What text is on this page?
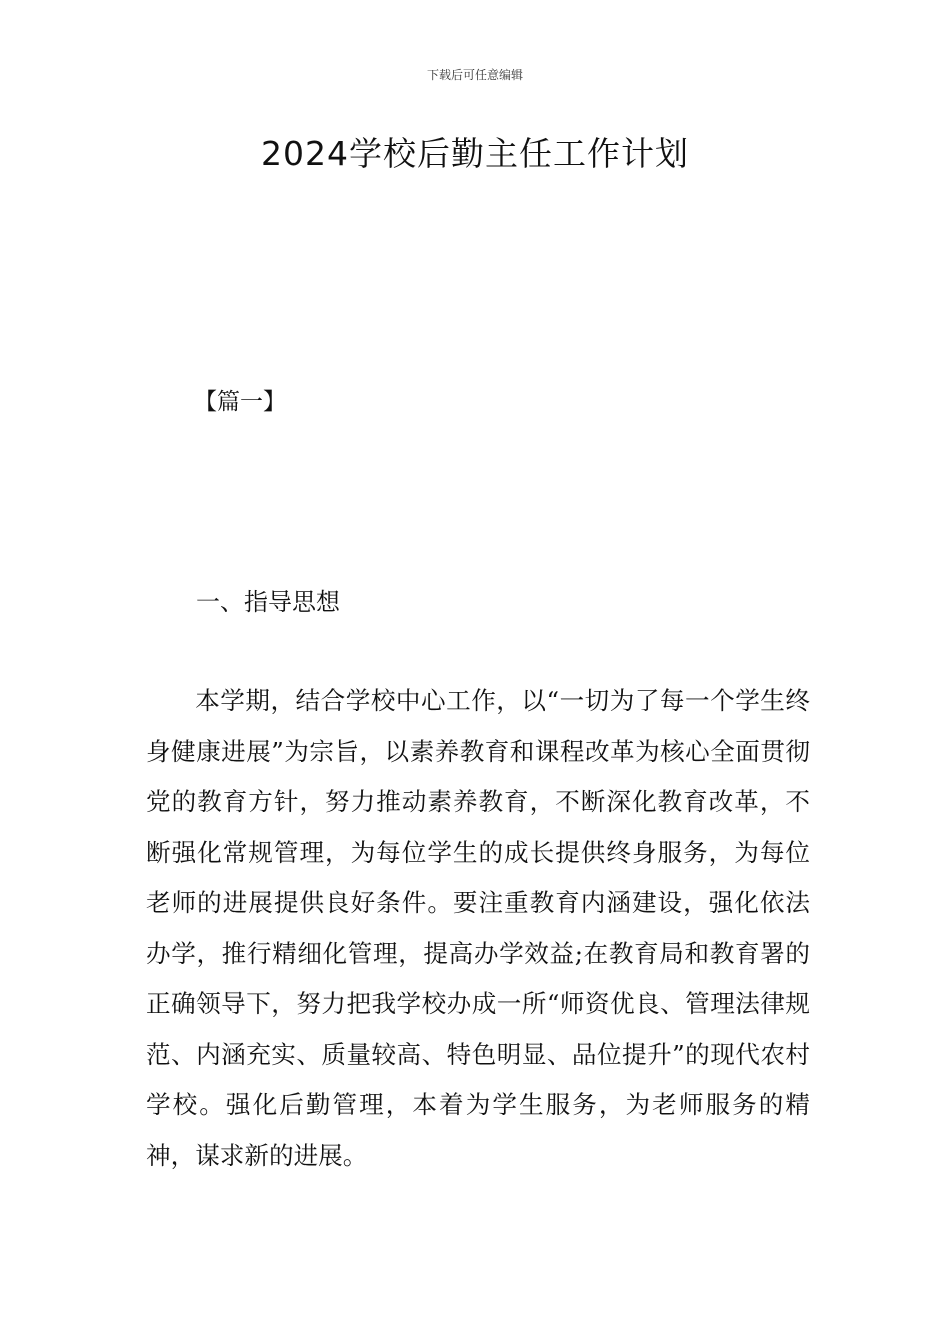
下载后可任意编辑
2024学校后勤主任工作计划
【篇一】
一、指导思想
本学期，结合学校中心工作，以“一切为了每一个学生终身健康进展”为宗旨，以素养教育和课程改革为核心全面贯彻党的教育方针，努力推动素养教育，不断深化教育改革，不断强化常规管理，为每位学生的成长提供终身服务，为每位老师的进展提供良好条件。要注重教育内涵建设，强化依法办学，推行精细化管理，提高办学效益;在教育局和教育署的正确领导下，努力把我学校办成一所“师资优良、管理法律规范、内涵充实、质量较高、特色明显、品位提升”的现代农村学校。强化后勤管理，本着为学生服务，为老师服务的精神，谋求新的进展。
